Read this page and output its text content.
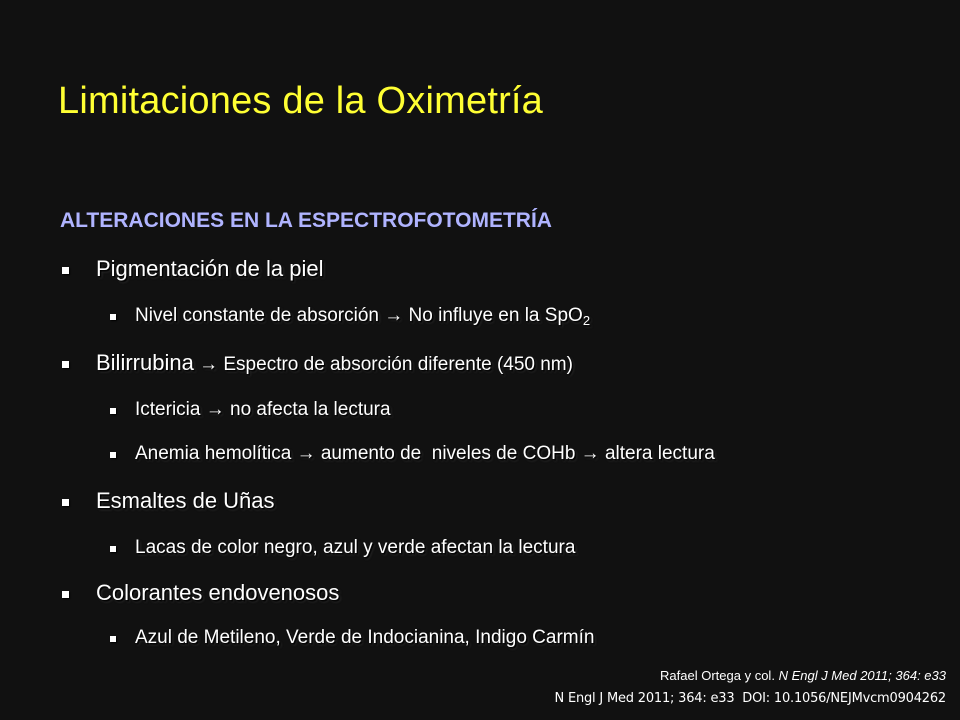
Limitaciones de la Oximetría
ALTERACIONES EN LA ESPECTROFOTOMETRÍA
Pigmentación de la piel
Nivel constante de absorción → No influye en la SpO$_2$
Bilirrubina → Espectro de absorción diferente (450 nm)
Ictericia → no afecta la lectura
Anemia hemolítica → aumento de  niveles de COHb → altera lectura
Esmaltes de Uñas
Lacas de color negro, azul y verde afectan la lectura
Colorantes endovenosos
Azul de Metileno, Verde de Indocianina, Indigo Carmín
Rafael Ortega y col. N Engl J Med 2011; 364: e33
N Engl J Med 2011; 364: e33  DOI: 10.1056/NEJMvcm0904262
